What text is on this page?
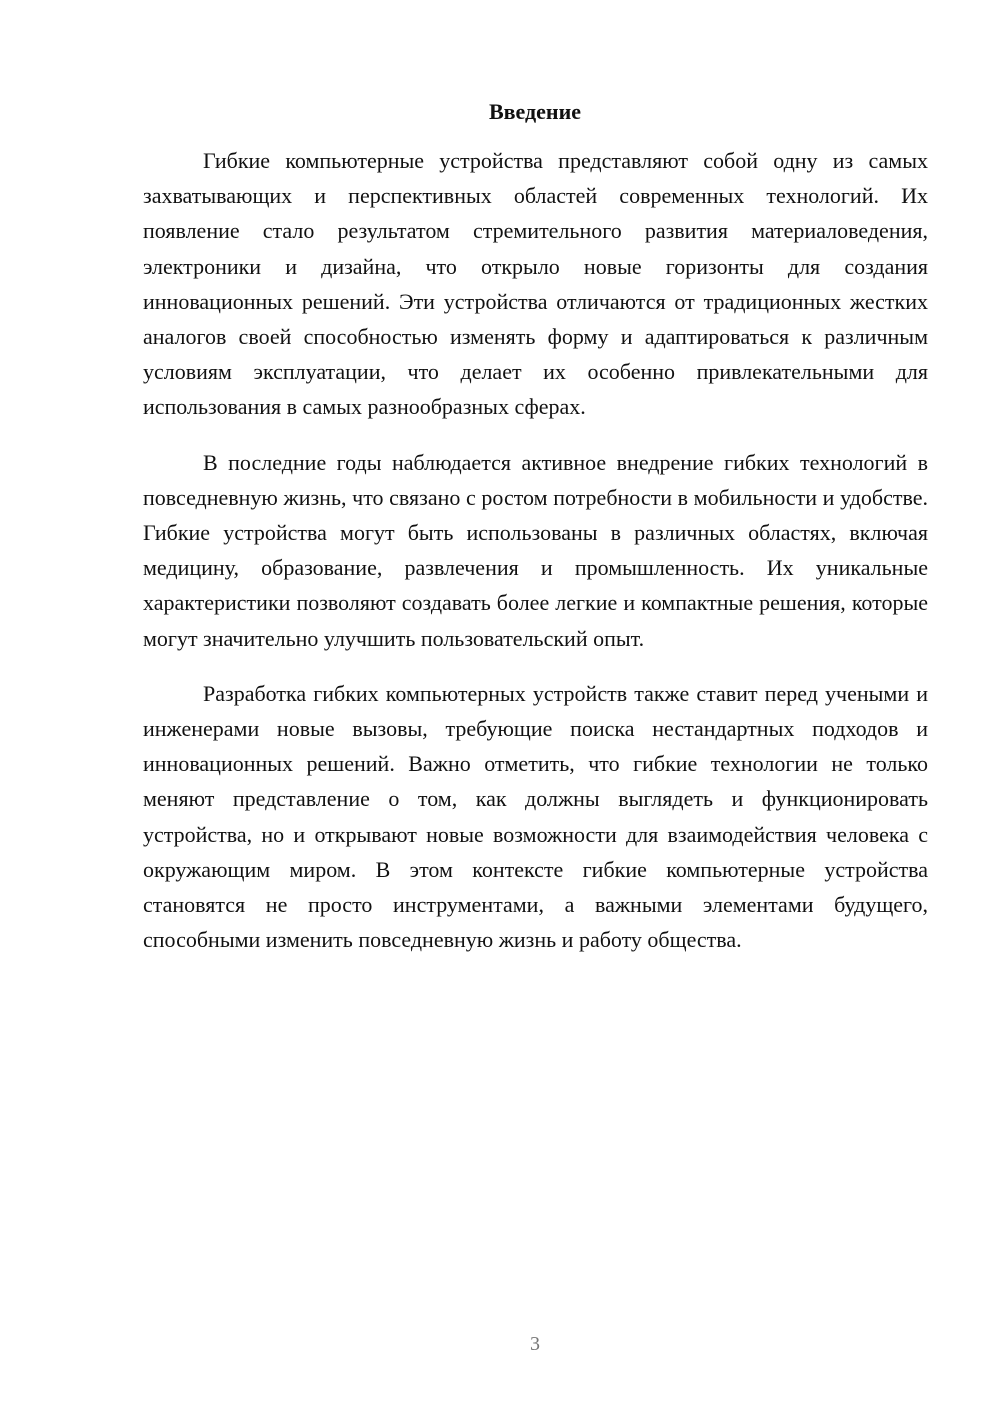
Введение

Гибкие компьютерные устройства представляют собой одну из самых захватывающих и перспективных областей современных технологий. Их появление стало результатом стремительного развития материаловедения, электроники и дизайна, что открыло новые горизонты для создания инновационных решений. Эти устройства отличаются от традиционных жестких аналогов своей способностью изменять форму и адаптироваться к различным условиям эксплуатации, что делает их особенно привлекательными для использования в самых разнообразных сферах.

В последние годы наблюдается активное внедрение гибких технологий в повседневную жизнь, что связано с ростом потребности в мобильности и удобстве. Гибкие устройства могут быть использованы в различных областях, включая медицину, образование, развлечения и промышленность. Их уникальные характеристики позволяют создавать более легкие и компактные решения, которые могут значительно улучшить пользовательский опыт.

Разработка гибких компьютерных устройств также ставит перед учеными и инженерами новые вызовы, требующие поиска нестандартных подходов и инновационных решений. Важно отметить, что гибкие технологии не только меняют представление о том, как должны выглядеть и функционировать устройства, но и открывают новые возможности для взаимодействия человека с окружающим миром. В этом контексте гибкие компьютерные устройства становятся не просто инструментами, а важными элементами будущего, способными изменить повседневную жизнь и работу общества.

3
